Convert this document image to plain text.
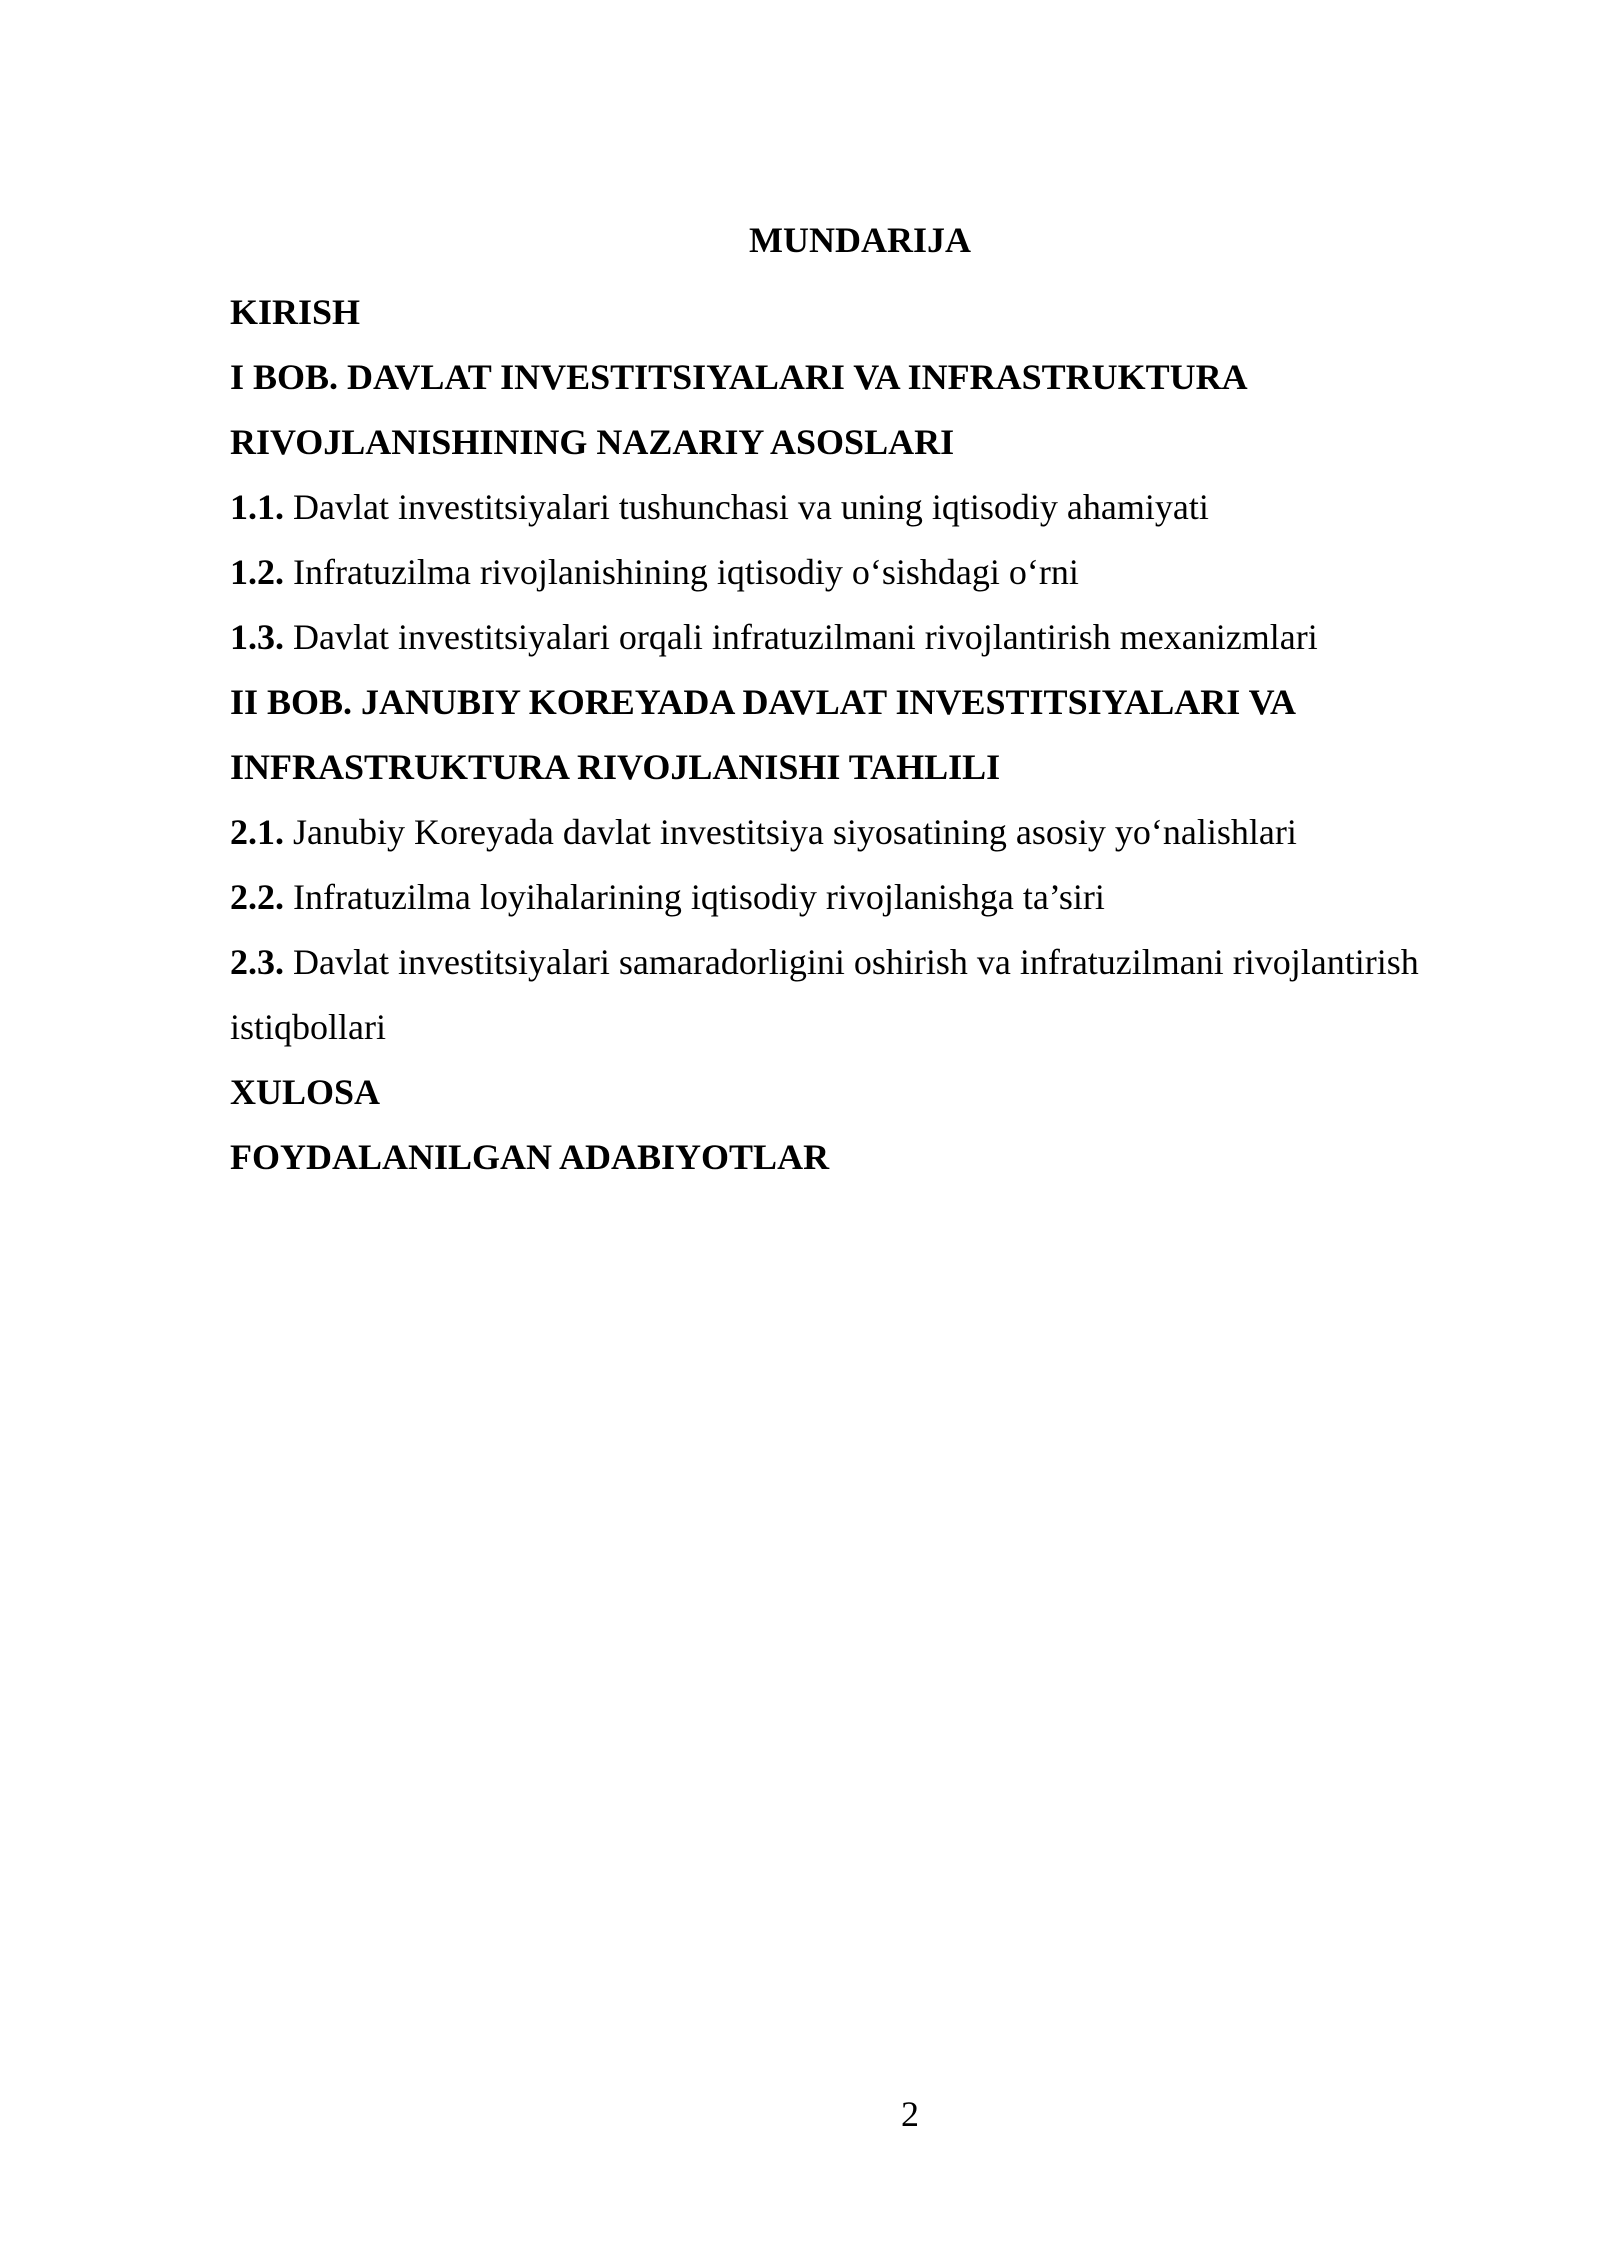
MUNDARIJA
KIRISH
I BOB. DAVLAT INVESTITSIYALARI VA INFRASTRUKTURA
RIVOJLANISHINING NAZARIY ASOSLARI
1.1. Davlat investitsiyalari tushunchasi va uning iqtisodiy ahamiyati
1.2. Infratuzilma rivojlanishining iqtisodiy o‘sishdagi o‘rni
1.3. Davlat investitsiyalari orqali infratuzilmani rivojlantirish mexanizmlari
II BOB. JANUBIY KOREYADA DAVLAT INVESTITSIYALARI VA
INFRASTRUKTURA RIVOJLANISHI TAHLILI
2.1. Janubiy Koreyada davlat investitsiya siyosatining asosiy yo‘nalishlari
2.2. Infratuzilma loyihalarining iqtisodiy rivojlanishga ta’siri
2.3. Davlat investitsiyalari samaradorligini oshirish va infratuzilmani rivojlantirish
istiqbollari
XULOSA
FOYDALANILGAN ADABIYOTLAR
2
